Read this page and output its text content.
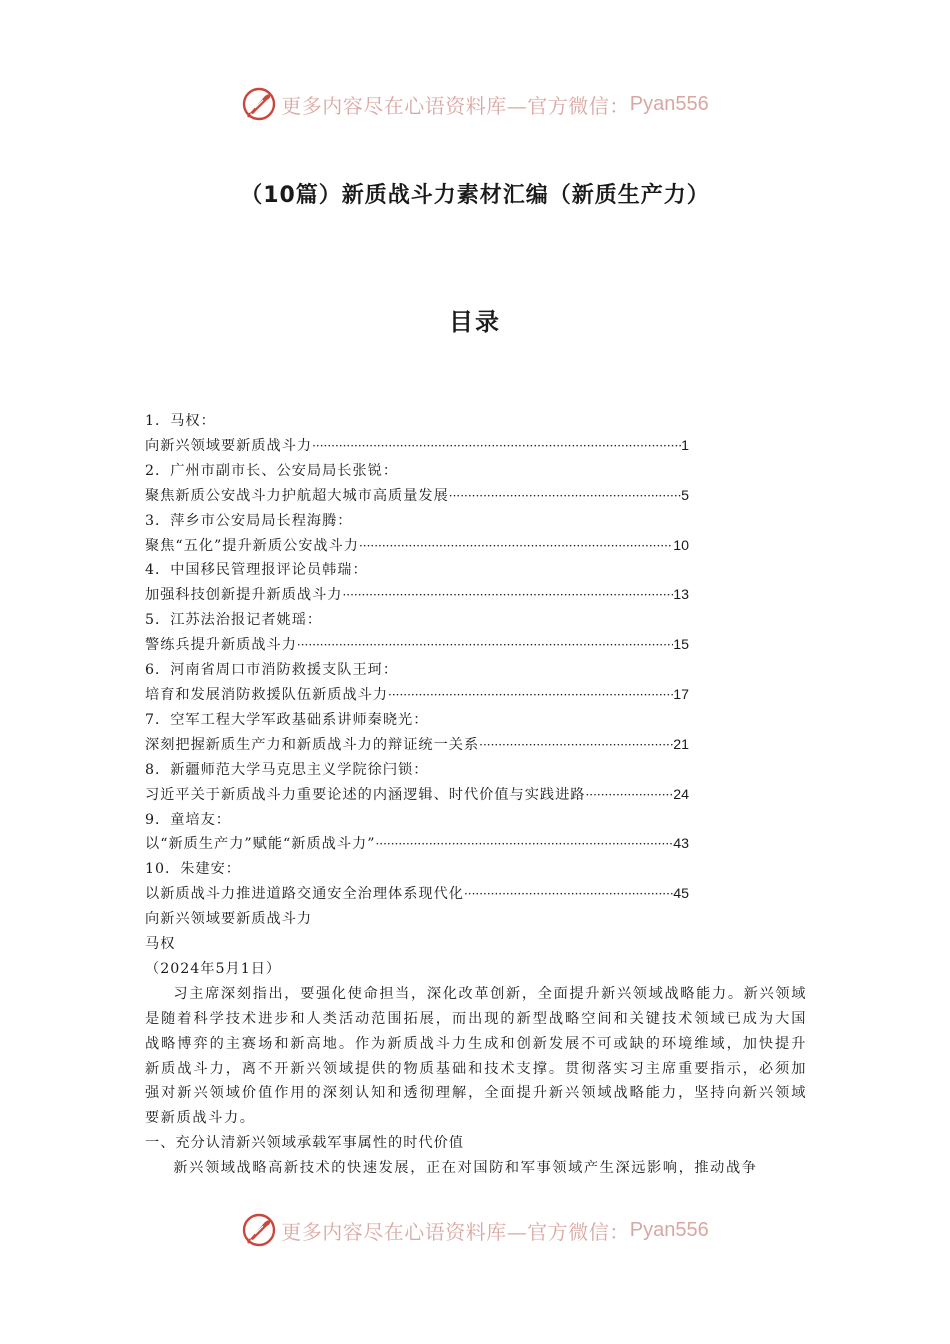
更多内容尽在心语资料库—官方微信： Pyan556
（10篇）新质战斗力素材汇编（新质生产力）
目录
1．马权：
向新兴领域要新质战斗力 ·····	1
2．广州市副市长、公安局局长张锐：
聚焦新质公安战斗力护航超大城市高质量发展 ·····	5
3．萍乡市公安局局长程海腾：
聚焦“五化”提升新质公安战斗力 ·····	10
4．中国移民管理报评论员韩瑞：
加强科技创新提升新质战斗力 ·····	13
5．江苏法治报记者姚瑶：
警练兵提升新质战斗力 ·····	15
6．河南省周口市消防救援支队王珂：
培育和发展消防救援队伍新质战斗力 ·····	17
7．空军工程大学军政基础系讲师秦晓光：
深刻把握新质生产力和新质战斗力的辩证统一关系 ·····	21
8．新疆师范大学马克思主义学院徐闩锁：
习近平关于新质战斗力重要论述的内涵逻辑、时代价值与实践进路 ·····	24
9．童培友：
以“新质生产力”赋能“新质战斗力” ·····	43
10．朱建安：
以新质战斗力推进道路交通安全治理体系现代化 ·····	45
向新兴领域要新质战斗力
马权
（2024年5月1日）

习主席深刻指出，要强化使命担当，深化改革创新，全面提升新兴领域战略能力。新兴领域是随着科学技术进步和人类活动范围拓展，而出现的新型战略空间和关键技术领域已成为大国战略博弈的主赛场和新高地。作为新质战斗力生成和创新发展不可或缺的环境维域，加快提升新质战斗力，离不开新兴领域提供的物质基础和技术支撑。贯彻落实习主席重要指示，必须加强对新兴领域价值作用的深刻认知和透彻理解，全面提升新兴领域战略能力，坚持向新兴领域要新质战斗力。

一、充分认清新兴领域承载军事属性的时代价值

新兴领域战略高新技术的快速发展，正在对国防和军事领域产生深远影响，推动战争

更多内容尽在心语资料库—官方微信： Pyan556
